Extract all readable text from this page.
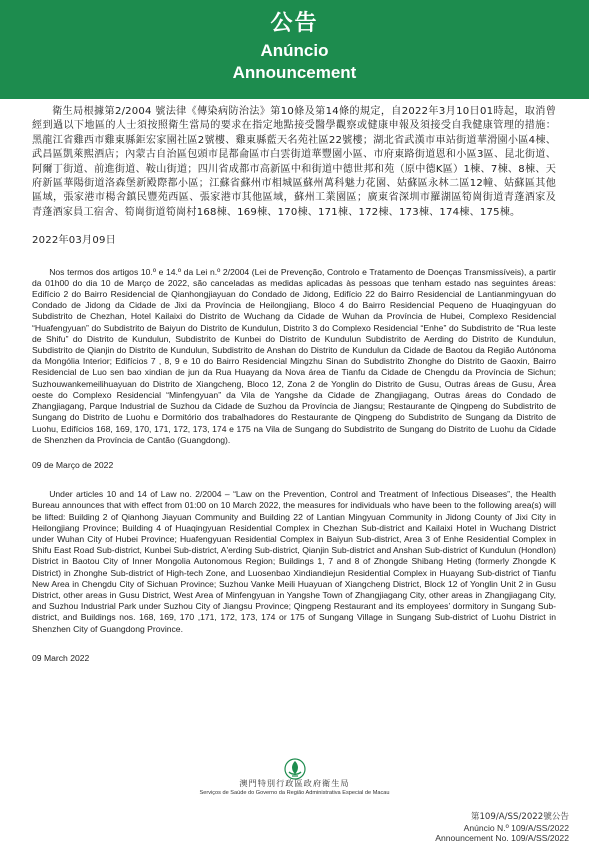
公告
Anúncio
Announcement

衛生局根據第2/2004 號法律《傳染病防治法》第10條及第14條的規定，自2022年3月10日01時起，取消曾經到過以下地區的人士須按照衛生當局的要求在指定地點接受醫學觀察或健康申報及須接受自我健康管理的措施：黑龍江省雞西市雞東縣鉅宏家園社區2號樓、雞東縣藍天名苑社區22號樓；湖北省武漢市車站街道華滑園小區4棟、武昌區凱萊熙酒店；內蒙古自治區包頭市昆都侖區市白雲街道華豐園小區、市府東路街道恩和小區3區、昆北街道、阿爾丁街道、前進街道、鞍山街道；四川省成都市高新區中和街道中德世邦和苑（原中德K區）1棟、7棟、8棟、天府新區華陽街道洛森堡新殿際都小區；江蘇省蘇州市相城區蘇州萬科魅力花園、姑蘇區永林二區12幢、姑蘇區其他區域，張家港市楊舍鎮民豐苑西區、張家港市其他區域，蘇州工業園區；廣東省深圳市羅湖區筍崗街道青蓬酒家及青蓬酒家員工宿舍、筍崗街道筍崗村168棟、169棟、170棟、171棟、172棟、173棟、174棟、175棟。

2022年03月09日

Nos termos dos artigos 10.º e 14.º da Lei n.º 2/2004 (Lei de Prevenção, Controlo e Tratamento de Doenças Transmissíveis), a partir da 01h00 do dia 10 de Março de 2022, são canceladas as medidas aplicadas às pessoas que tenham estado nas seguintes áreas: Edifício 2 do Bairro Residencial de Qianhongjiayuan do Condado de Jidong, Edifício 22 do Bairro Residencial de Lantianmingyuan do Condado de Jidong da Cidade de Jixi da Província de Heilongjiang, Bloco 4 do Bairro Residencial Pequeno de Huaqingyuan do Subdistrito de Chezhan, Hotel Kailaixi do Distrito de Wuchang da Cidade de Wuhan da Província de Hubei, Complexo Residencial “Huafengyuan” do Subdistrito de Baiyun do Distrito de Kundulun, Distrito 3 do Complexo Residencial “Enhe” do Subdistrito de “Rua leste de Shifu” do Distrito de Kundulun, Subdistrito de Kunbei do Distrito de Kundulun Subdistrito de Aerding do Distrito de Kundulun, Subdistrito de Qianjin do Distrito de Kundulun, Subdistrito de Anshan do Distrito de Kundulun da Cidade de Baotou da Região Autónoma da Mongólia Interior; Edifícios 7 , 8, 9 e 10 do Bairro Residencial Mingzhu Sinan do Subdistrito Zhonghe do Distrito de Gaoxin, Bairro Residencial de Luo sen bao xindian de jun da Rua Huayang da Nova área de Tianfu da Cidade de Chengdu da Província de Sichun; Suzhouwankemeilihuayuan do Distrito de Xiangcheng, Bloco 12, Zona 2 de Yonglin do Distrito de Gusu, Outras áreas de Gusu, Área oeste do Complexo Residencial “Minfengyuan” da Vila de Yangshe da Cidade de Zhangjiagang, Outras áreas do Condado de Zhangjiagang, Parque Industrial de Suzhou da Cidade de Suzhou da Província de Jiangsu; Restaurante de Qingpeng do Subdistrito de Sungang do Distrito de Luohu e Dormitório dos trabalhadores do Restaurante de Qingpeng do Subdistrito de Sungang da Distrito de Luohu, Edifícios 168, 169, 170, 171, 172, 173, 174 e 175 na Vila de Sungang do Subdistrito de Sungang do Distrito de Luohu da Cidade de Shenzhen da Província de Cantão (Guangdong).

09 de Março de 2022

Under articles 10 and 14 of Law no. 2/2004 – “Law on the Prevention, Control and Treatment of Infectious Diseases”, the Health Bureau announces that with effect from 01:00 on 10 March 2022, the measures for individuals who have been to the following area(s) will be lifted: Building 2 of Qianhong Jiayuan Community and Building 22 of Lantian Mingyuan Community in Jidong County of Jixi City in Heilongjiang Province; Building 4 of Huaqingyuan Residential Complex in Chezhan Sub-district and Kailaixi Hotel in Wuchang District under Wuhan City of Hubei Province; Huafengyuan Residential Complex in Baiyun Sub-district, Area 3 of Enhe Residential Complex in Shifu East Road Sub-district, Kunbei Sub-district, A'erding Sub-district, Qianjin Sub-district and Anshan Sub-district of Kundulun (Hondlon) District in Baotou City of Inner Mongolia Autonomous Region; Buildings 1, 7 and 8 of Zhongde Shibang Heting (formerly Zhongde K District) in Zhonghe Sub-district of High-tech Zone, and Luosenbao Xindiandiejun Residential Complex in Huayang Sub-district of Tianfu New Area in Chengdu City of Sichuan Province; Suzhou Vanke Meili Huayuan of Xiangcheng District, Block 12 of Yonglin Unit 2 in Gusu District, other areas in Gusu District, West Area of Minfengyuan in Yangshe Town of Zhangjiagang City, other areas in Zhangjiagang City, and Suzhou Industrial Park under Suzhou City of Jiangsu Province; Qingpeng Restaurant and its employees’ dormitory in Sungang Sub-district, and Buildings nos. 168, 169, 170 ,171, 172, 173, 174 or 175 of Sungang Village in Sungang Sub-district of Luohu District in Shenzhen City of Guangdong Province.

09 March 2022

澳門特別行政區政府衛生局
Serviços de Saúde do Governo da Região Administrativa Especial de Macau
第109/A/SS/2022號公告
Anúncio N.º 109/A/SS/2022
Announcement No. 109/A/SS/2022
